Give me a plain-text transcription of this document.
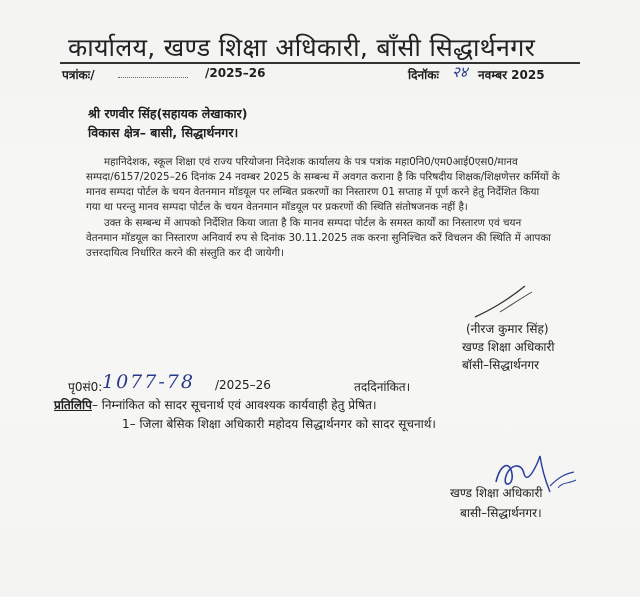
कार्यालय, खण्ड शिक्षा अधिकारी, बाँसी सिद्धार्थनगर
पत्रांकः/	/2025–26	दिनॉकः २४ नवम्बर 2025
श्री रणवीर सिंह(सहायक लेखाकार)
विकास क्षेत्र– बासी, सिद्धार्थनगर।
महानिदेशक, स्कूल शिक्षा एवं राज्य परियोजना निदेशक कार्यालय के पत्र पत्रांक महा0नि0/एम0आई0एस0/मानव
सम्पदा/6157/2025–26 दिनांक 24 नवम्बर 2025 के सम्बन्ध में अवगत कराना है कि परिषदीय शिक्षक/शिक्षणेत्तर कर्मियों के
मानव सम्पदा पोर्टल के चयन वेतनमान मॉडयूल पर लम्बित प्रकरणों का निस्तारण 01 सप्ताह में पूर्ण करने हेतु निर्देशित किया
गया था परन्तु मानव सम्पदा पोर्टल के चयन वेतनमान मॉडयूल पर प्रकरणों की स्थिति संतोषजनक नहीं है।
उक्त के सम्बन्ध में आपको निर्देशित किया जाता है कि मानव सम्पदा पोर्टल के समस्त कार्यों का निस्तारण एवं चयन
वेतनमान मॉडयूल का निस्तारण अनिवार्य रुप से दिनांक 30.11.2025 तक करना सुनिश्चित करें विचलन की स्थिति में आपका
उत्तरदायित्व निर्धारित करने की संस्तुति कर दी जायेगी।
(नीरज कुमार सिंह)
खण्ड शिक्षा अधिकारी
बॉसी–सिद्धार्थनगर
पृ0सं0: 1077-78 /2025–26	तददिनांकित।
प्रतिलिपि– निम्नांकित को सादर सूचनार्थ एवं आवश्यक कार्यवाही हेतु प्रेषित।
1– जिला बेसिक शिक्षा अधिकारी महोदय सिद्धार्थनगर को सादर सूचनार्थ।
खण्ड शिक्षा अधिकारी
बासी–सिद्धार्थनगर।
